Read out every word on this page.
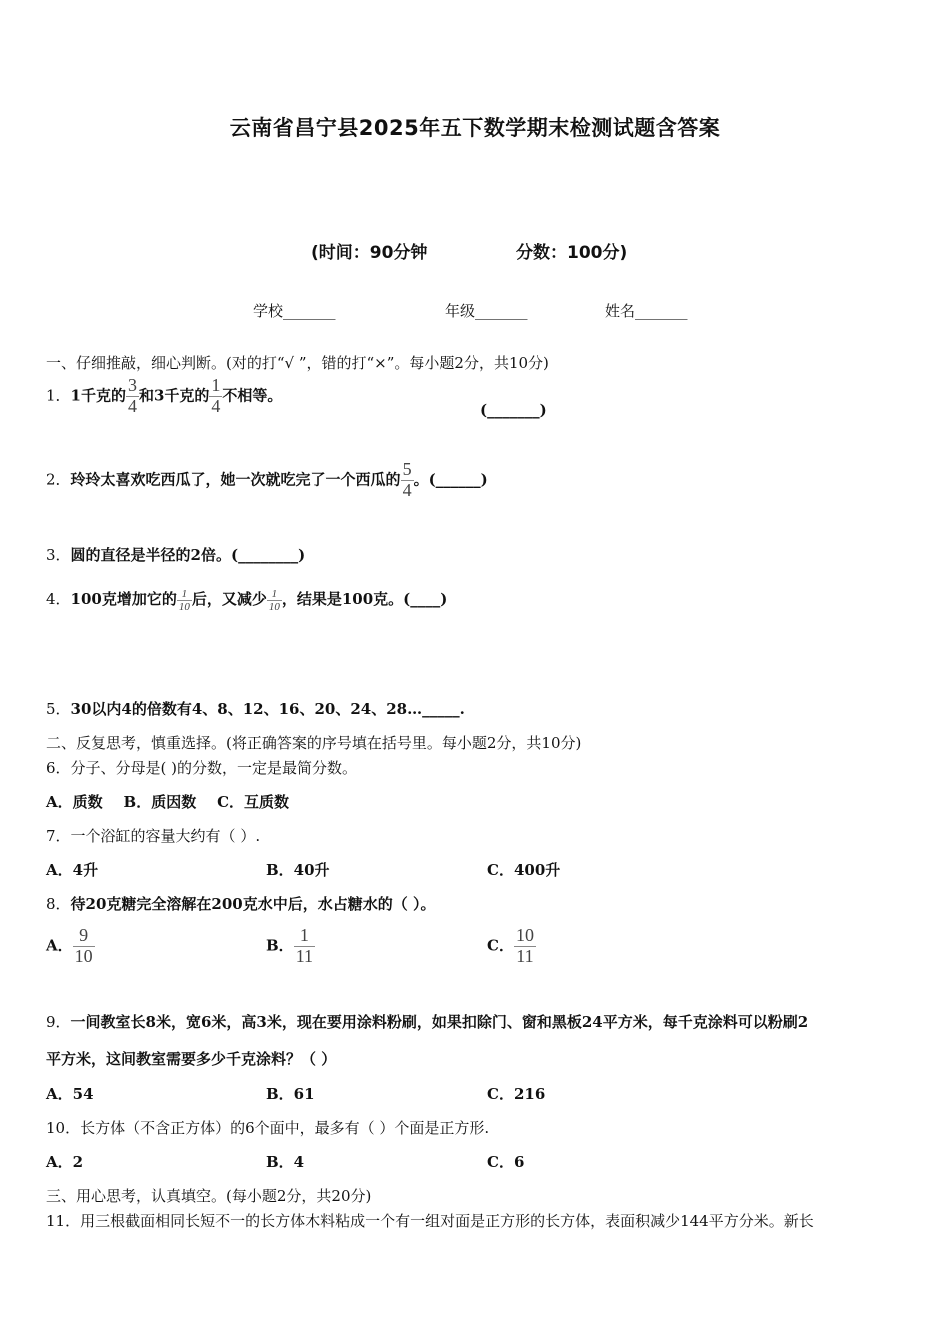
云南省昌宁县2025年五下数学期末检测试题含答案
(时间：90分钟	分数：100分)
学校_______	年级_______	姓名_______
一、仔细推敲，细心判断。(对的打“√ ”，错的打“×”。每小题2分，共10分)
1．1千克的 $\frac{3}{4}$ 和3千克的 $\frac{1}{4}$ 不相等。
(_______)
2．玲玲太喜欢吃西瓜了，她一次就吃完了一个西瓜的 $\frac{5}{4}$ 。(______)
3．圆的直径是半径的2倍。(________)
4．100克增加它的 $\frac{1}{10}$ 后，又减少 $\frac{1}{10}$ ，结果是100克。(____)
5．30以内4的倍数有4、8、12、16、20、24、28…_____.
二、反复思考，慎重选择。(将正确答案的序号填在括号里。每小题2分，共10分)
6．分子、分母是( )的分数，一定是最简分数。
A．质数    B．质因数    C．互质数
7．一个浴缸的容量大约有（ ）.
A．4升	B．40升	C．400升
8．待20克糖完全溶解在200克水中后，水占糖水的（ ）。
A． $\frac{9}{10}$	B． $\frac{1}{11}$	C． $\frac{10}{11}$
9．一间教室长8米，宽6米，高3米，现在要用涂料粉刷，如果扣除门、窗和黑板24平方米，每千克涂料可以粉刷2
平方米，这间教室需要多少千克涂料？（ ）
A．54	B．61	C．216
10．长方体（不含正方体）的6个面中，最多有（ ）个面是正方形.
A．2	B．4	C．6
三、用心思考，认真填空。(每小题2分，共20分)
11．用三根截面相同长短不一的长方体木料粘成一个有一组对面是正方形的长方体，表面积减少144平方分米。新长
